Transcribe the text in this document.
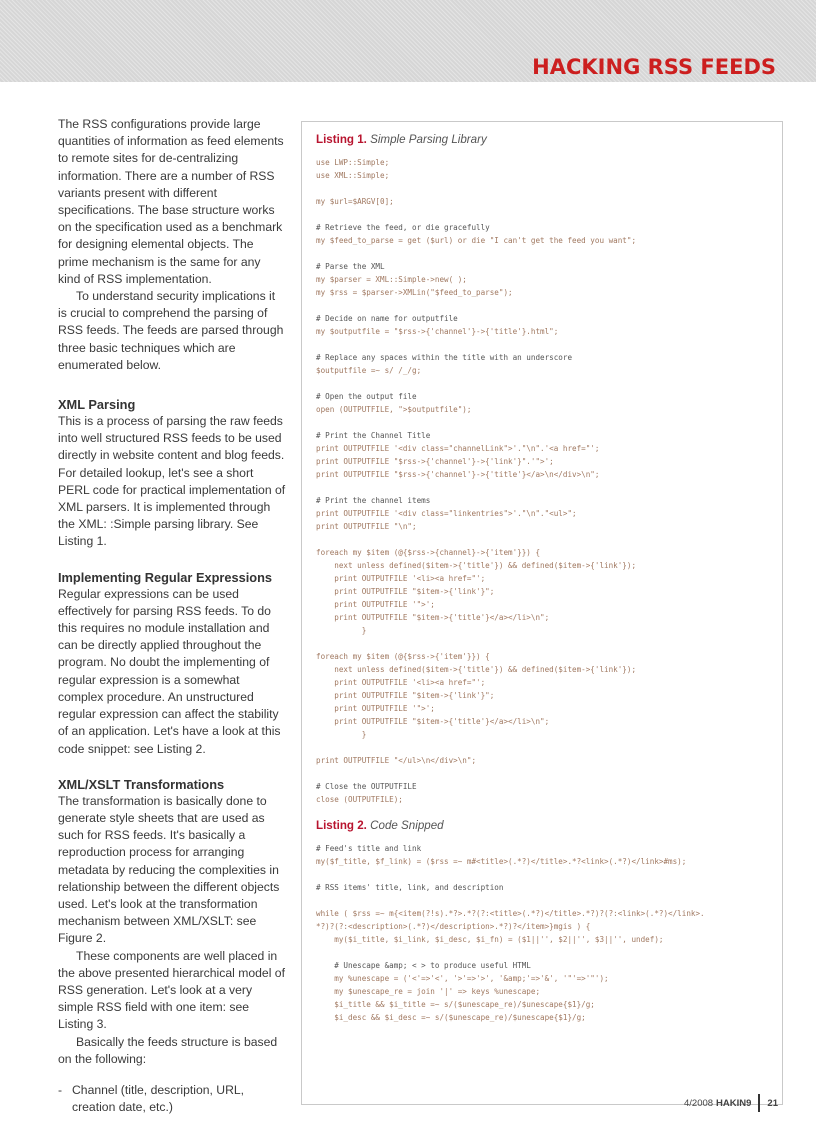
HACKING RSS FEEDS

The RSS configurations provide large quantities of information as feed elements to remote sites for de-centralizing information. There are a number of RSS variants present with different specifications. The base structure works on the specification used as a benchmark for designing elemental objects. The prime mechanism is the same for any kind of RSS implementation.

To understand security implications it is crucial to comprehend the parsing of RSS feeds. The feeds are parsed through three basic techniques which are enumerated below.

XML Parsing

This is a process of parsing the raw feeds into well structured RSS feeds to be used directly in website content and blog feeds. For detailed lookup, let's see a short PERL code for practical implementation of XML parsers. It is implemented through the XML: :Simple parsing library. See Listing 1.

Implementing Regular Expressions

Regular expressions can be used effectively for parsing RSS feeds. To do this requires no module installation and can be directly applied throughout the program. No doubt the implementing of regular expression is a somewhat complex procedure. An unstructured regular expression can affect the stability of an application. Let's have a look at this code snippet: see Listing 2.

XML/XSLT Transformations

The transformation is basically done to generate style sheets that are used as such for RSS feeds. It's basically a reproduction process for arranging metadata by reducing the complexities in relationship between the different objects used. Let's look at the transformation mechanism between XML/XSLT: see Figure 2.

These components are well placed in the above presented hierarchical model of RSS generation. Let's look at a very simple RSS field with one item: see Listing 3.

Basically the feeds structure is based on the following:

- Channel (title, description, URL, creation date, etc.)
Listing 1. Simple Parsing Library
use LWP::Simple;
use XML::Simple;
my $url=$ARGV[0];
# Retrieve the feed, or die gracefully
my $feed_to_parse = get ($url) or die "I can't get the feed you want";
# Parse the XML
my $parser = XML::Simple->new( );
my $rss = $parser->XMLin("$feed_to_parse");
# Decide on name for outputfile
my $outputfile = "$rss->{'channel'}->{'title'}.html";
# Replace any spaces within the title with an underscore
$outputfile =~ s/ /_/g;
# Open the output file
open (OUTPUTFILE, ">$outputfile");
# Print the Channel Title
print OUTPUTFILE '<div class="channelLink">'."\n".'<a href="';
print OUTPUTFILE "$rss->{'channel'}->{'link'}".'">';
print OUTPUTFILE "$rss->{'channel'}->{'title'}</a>\n</div>\n";
# Print the channel items
print OUTPUTFILE '<div class="linkentries">'."\n"."<ul>";
print OUTPUTFILE "\n";
foreach my $item (@{$rss->{channel}->{'item'}}) {
next unless defined($item->{'title'}) && defined($item->{'link'});
print OUTPUTFILE '<li><a href="';
print OUTPUTFILE "$item->{'link'}";
print OUTPUTFILE '">';
print OUTPUTFILE "$item->{'title'}</a></li>\n";
}
foreach my $item (@{$rss->{'item'}}) {
next unless defined($item->{'title'}) && defined($item->{'link'});
print OUTPUTFILE '<li><a href="';
print OUTPUTFILE "$item->{'link'}";
print OUTPUTFILE '">';
print OUTPUTFILE "$item->{'title'}</a></li>\n";
}
print OUTPUTFILE "</ul>\n</div>\n";
# Close the OUTPUTFILE
close (OUTPUTFILE);
Listing 2. Code Snipped
# Feed's title and link
my($f_title, $f_link) = ($rss =~ m#<title>(.*?)</title>.*?<link>(.*?)</link>#ms);
# RSS items' title, link, and description
while ( $rss =~ m{<item(?!s).*?>.*?(?:<title>(.*?)</title>.*?)?(?:<link>(.*?)</link>.
*?)?(?:<description>(.*?)</description>.*?)?</item>}mgis ) {
my($i_title, $i_link, $i_desc, $i_fn) = ($1||'', $2||'', $3||'', undef);
# Unescape &amp; < > to produce useful HTML
my %unescape = ('<'=>'<', '>'=>'>', '&amp;'=>'&', '"'=>'"');
my $unescape_re = join '|' => keys %unescape;
$i_title && $i_title =~ s/($unescape_re)/$unescape{$1}/g;
$i_desc && $i_desc =~ s/($unescape_re)/$unescape{$1}/g;
4/2008 HAKIN9 21
